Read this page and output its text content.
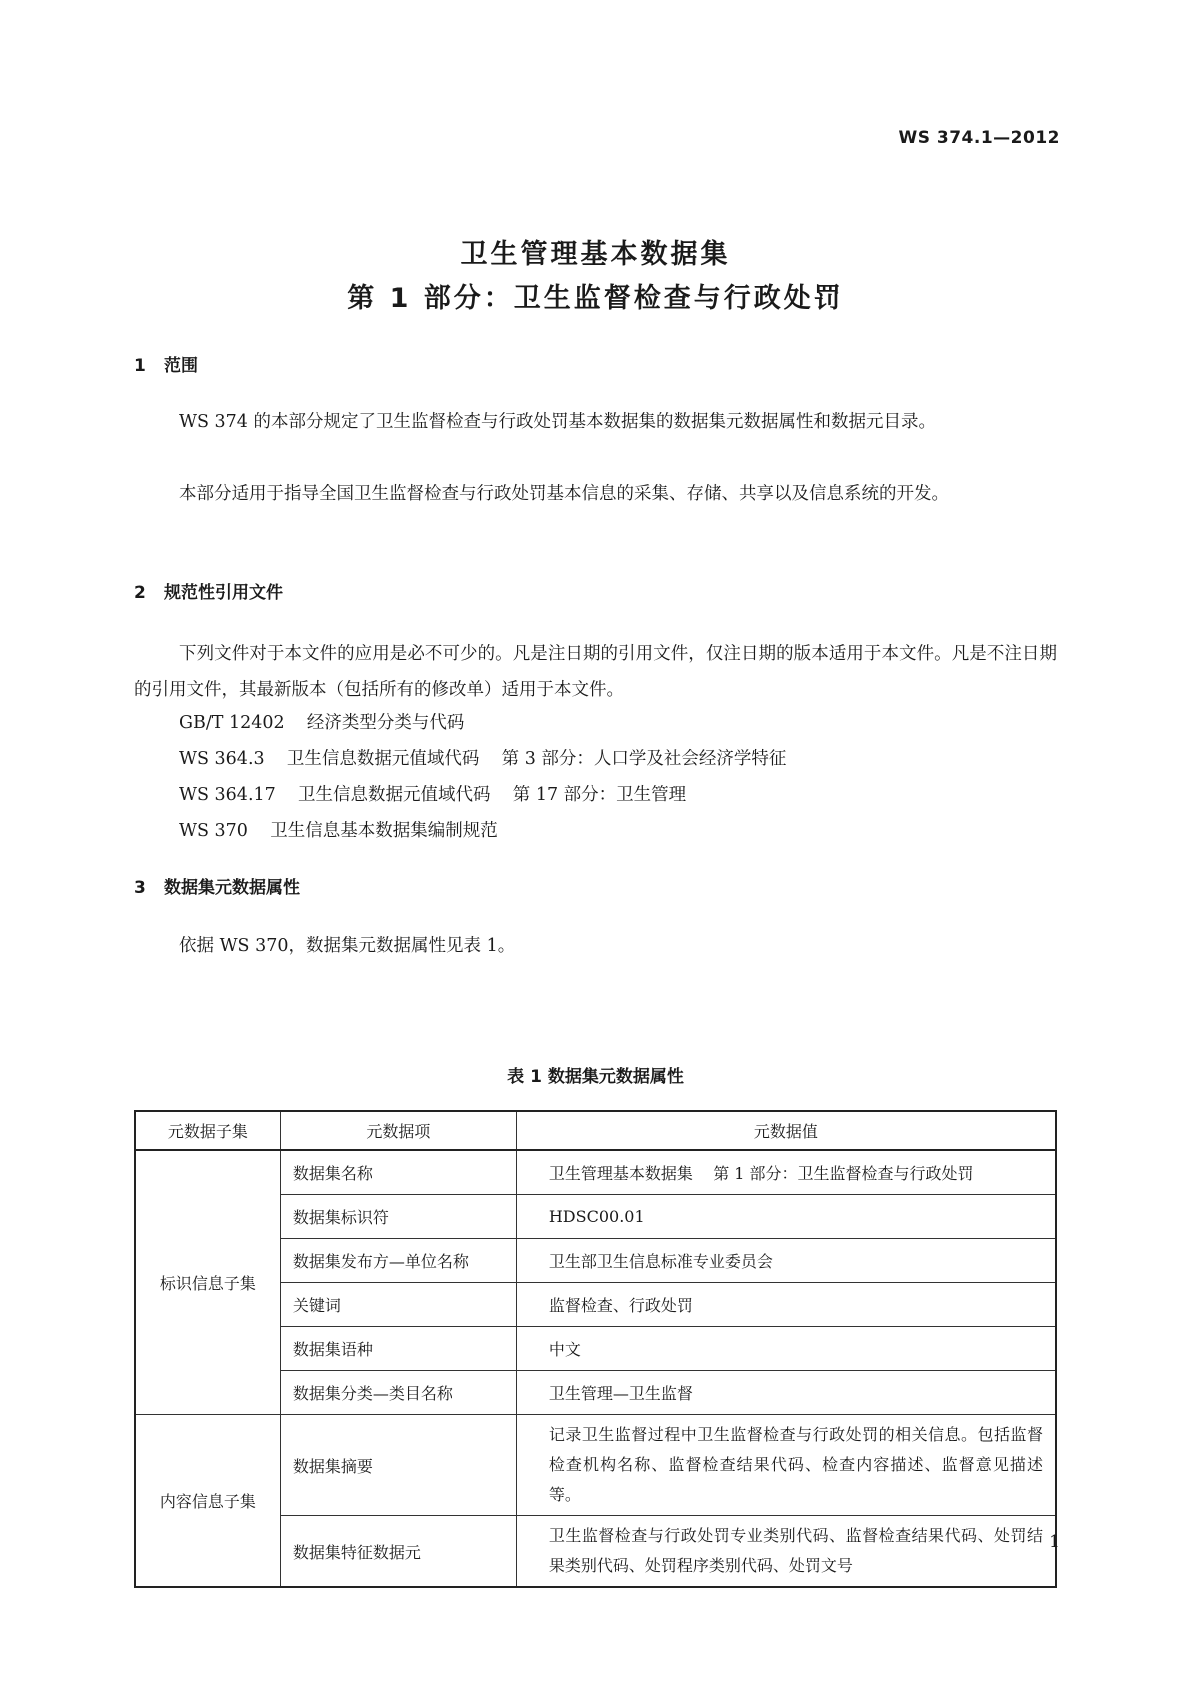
WS 374.1—2012
卫生管理基本数据集
第 1 部分：卫生监督检查与行政处罚
1 范围
WS 374 的本部分规定了卫生监督检查与行政处罚基本数据集的数据集元数据属性和数据元目录。
本部分适用于指导全国卫生监督检查与行政处罚基本信息的采集、存储、共享以及信息系统的开发。
2 规范性引用文件
下列文件对于本文件的应用是必不可少的。凡是注日期的引用文件，仅注日期的版本适用于本文件。凡是不注日期的引用文件，其最新版本（包括所有的修改单）适用于本文件。
GB/T 12402    经济类型分类与代码
WS 364.3    卫生信息数据元值域代码    第 3 部分：人口学及社会经济学特征
WS 364.17    卫生信息数据元值域代码    第 17 部分：卫生管理
WS 370    卫生信息基本数据集编制规范
3 数据集元数据属性
依据 WS 370，数据集元数据属性见表 1。
表 1 数据集元数据属性
元数据子集	元数据项	元数据值
标识信息子集	数据集名称	卫生管理基本数据集    第 1 部分：卫生监督检查与行政处罚
	数据集标识符	HDSC00.01
	数据集发布方—单位名称	卫生部卫生信息标准专业委员会
	关键词	监督检查、行政处罚
	数据集语种	中文
	数据集分类—类目名称	卫生管理—卫生监督
内容信息子集	数据集摘要	记录卫生监督过程中卫生监督检查与行政处罚的相关信息。包括监督检查机构名称、监督检查结果代码、检查内容描述、监督意见描述等。
	数据集特征数据元	卫生监督检查与行政处罚专业类别代码、监督检查结果代码、处罚结果类别代码、处罚程序类别代码、处罚文号
1
